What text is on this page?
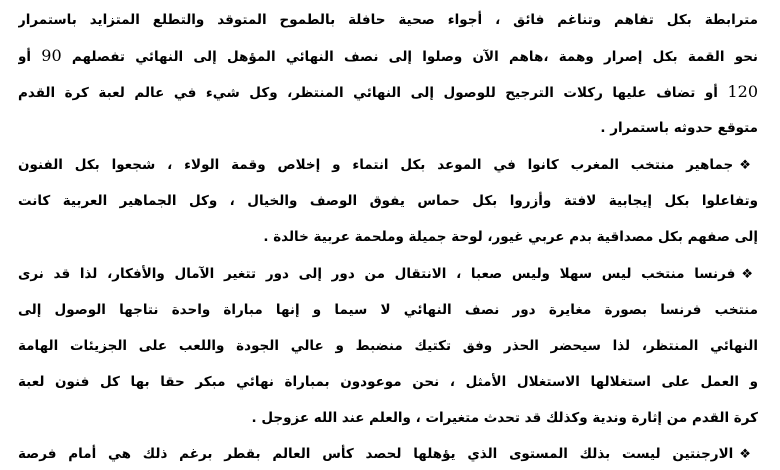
مترابطة بكل تفاهم وتناغم فائق ، أجواء صحية حافلة بالطموح المتوقد والتطلع المتزايد باستمرار
نحو القمة بكل إصرار وهمة ،هاهم الآن وصلوا إلى نصف النهائي المؤهل إلى النهائي تفصلهم 90 أو
120 أو تضاف عليها ركلات الترجيح للوصول إلى النهائي المنتظر، وكل شيء في عالم لعبة كرة القدم
متوقع حدوثه باستمرار .
❖جماهير منتخب المغرب كانوا في الموعد بكل انتماء و إخلاص وقمة الولاء ، شجعوا بكل الفنون
وتفاعلوا بكل إيجابية لافتة وأزروا بكل حماس يفوق الوصف والخيال ، وكل الجماهير العربية كانت
إلى صفهم بكل مصداقية بدم عربي غيور، لوحة جميلة وملحمة عربية خالدة .
❖فرنسا منتخب ليس سهلا وليس صعبا ، الانتقال من دور إلى دور تتغير الآمال والأفكار، لذا قد نرى
منتخب فرنسا بصورة مغايرة دور نصف النهائي لا سيما و إنها مباراة واحدة نتاجها الوصول إلى
النهائي المنتظر، لذا سيحضر الحذر وفق تكتيك منضبط و عالي الجودة واللعب على الجزيئات الهامة
و العمل على استغلالها الاستغلال الأمثل ، نحن موعودون بمباراة نهائي مبكر حقا بها كل فنون لعبة
كرة القدم من إثارة وندية وكذلك قد تحدث متغيرات ، والعلم عند الله عزوجل .
❖الارجنتين ليست بذلك المستوى الذي يؤهلها لحصد كأس العالم بقطر برغم ذلك هي أمام فرصة
